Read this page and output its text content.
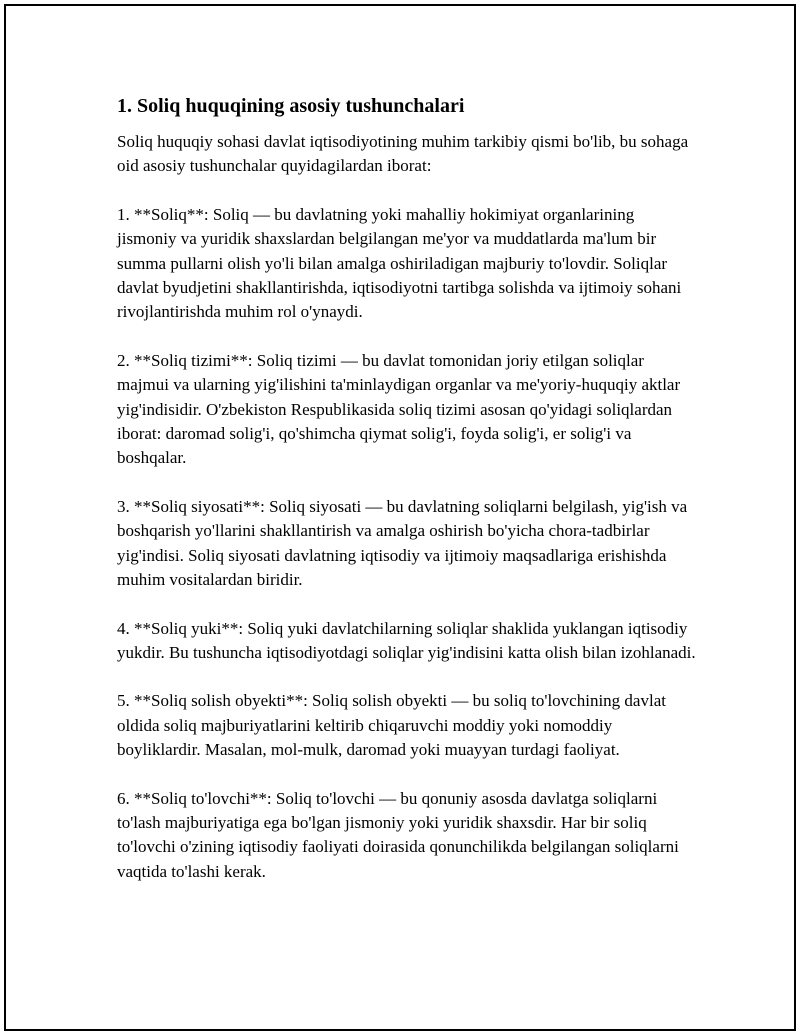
1. Soliq huquqining asosiy tushunchalari

Soliq huquqiy sohasi davlat iqtisodiyotining muhim tarkibiy qismi bo'lib, bu sohaga oid asosiy tushunchalar quyidagilardan iborat:

1. **Soliq**: Soliq — bu davlatning yoki mahalliy hokimiyat organlarining jismoniy va yuridik shaxslardan belgilangan me'yor va muddatlarda ma'lum bir summa pullarni olish yo'li bilan amalga oshiriladigan majburiy to'lovdir. Soliqlar davlat byudjetini shakllantirishda, iqtisodiyotni tartibga solishda va ijtimoiy sohani rivojlantirishda muhim rol o'ynaydi.

2. **Soliq tizimi**: Soliq tizimi — bu davlat tomonidan joriy etilgan soliqlar majmui va ularning yig'ilishini ta'minlaydigan organlar va me'yoriy-huquqiy aktlar yig'indisidir. O'zbekiston Respublikasida soliq tizimi asosan qo'yidagi soliqlardan iborat: daromad solig'i, qo'shimcha qiymat solig'i, foyda solig'i, er solig'i va boshqalar.

3. **Soliq siyosati**: Soliq siyosati — bu davlatning soliqlarni belgilash, yig'ish va boshqarish yo'llarini shakllantirish va amalga oshirish bo'yicha chora-tadbirlar yig'indisi. Soliq siyosati davlatning iqtisodiy va ijtimoiy maqsadlariga erishishda muhim vositalardan biridir.

4. **Soliq yuki**: Soliq yuki davlatchilarning soliqlar shaklida yuklangan iqtisodiy yukdir. Bu tushuncha iqtisodiyotdagi soliqlar yig'indisini katta olish bilan izohlanadi.

5. **Soliq solish obyekti**: Soliq solish obyekti — bu soliq to'lovchining davlat oldida soliq majburiyatlarini keltirib chiqaruvchi moddiy yoki nomoddiy boyliklardir. Masalan, mol-mulk, daromad yoki muayyan turdagi faoliyat.

6. **Soliq to'lovchi**: Soliq to'lovchi — bu qonuniy asosda davlatga soliqlarni to'lash majburiyatiga ega bo'lgan jismoniy yoki yuridik shaxsdir. Har bir soliq to'lovchi o'zining iqtisodiy faoliyati doirasida qonunchilikda belgilangan soliqlarni vaqtida to'lashi kerak.
